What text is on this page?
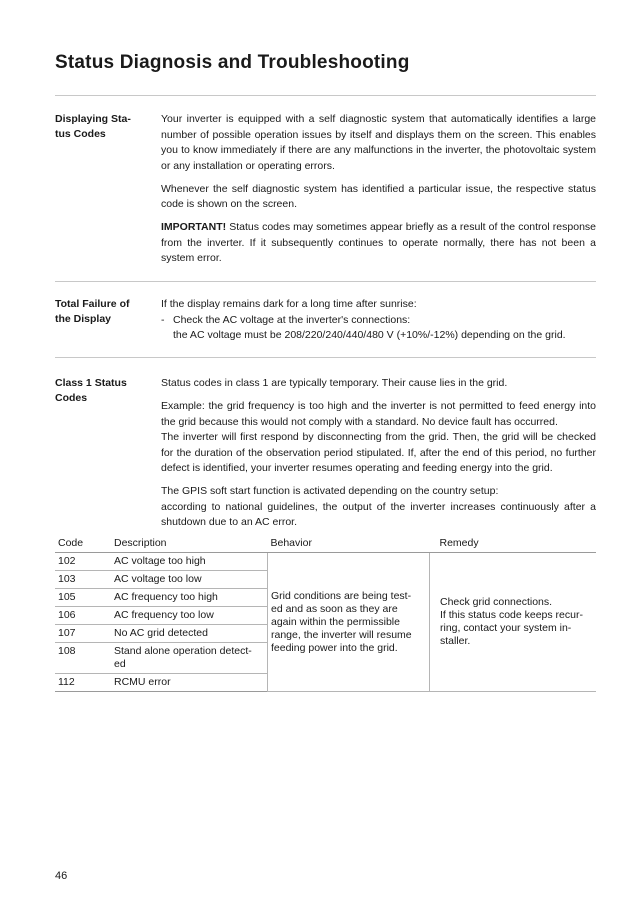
Status Diagnosis and Troubleshooting
Displaying Sta-
tus Codes

Your inverter is equipped with a self diagnostic system that automatically identifies a large number of possible operation issues by itself and displays them on the screen. This enables you to know immediately if there are any malfunctions in the inverter, the photovoltaic system or any installation or operating errors.

Whenever the self diagnostic system has identified a particular issue, the respective status code is shown on the screen.

IMPORTANT! Status codes may sometimes appear briefly as a result of the control response from the inverter. If it subsequently continues to operate normally, there has not been a system error.

Total Failure of
the Display
If the display remains dark for a long time after sunrise:
- Check the AC voltage at the inverter's connections:
the AC voltage must be 208/220/240/440/480 V (+10%/-12%) depending on the grid.
Class 1 Status
Codes

Status codes in class 1 are typically temporary. Their cause lies in the grid.

Example: the grid frequency is too high and the inverter is not permitted to feed energy into the grid because this would not comply with a standard. No device fault has occurred.
The inverter will first respond by disconnecting from the grid. Then, the grid will be checked for the duration of the observation period stipulated. If, after the end of this period, no further defect is identified, your inverter resumes operating and feeding energy into the grid.

The GPIS soft start function is activated depending on the country setup:
according to national guidelines, the output of the inverter increases continuously after a shutdown due to an AC error.

Code	Description	Behavior	Remedy
102	AC voltage too high	Grid conditions are being test-
ed and as soon as they are
again within the permissible
range, the inverter will resume
feeding power into the grid.	Check grid connections.
If this status code keeps recur-
ring, contact your system in-
staller.
103	AC voltage too low		
105	AC frequency too high		
106	AC frequency too low		
107	No AC grid detected		
108	Stand alone operation detect-
ed		
112	RCMU error		
46
